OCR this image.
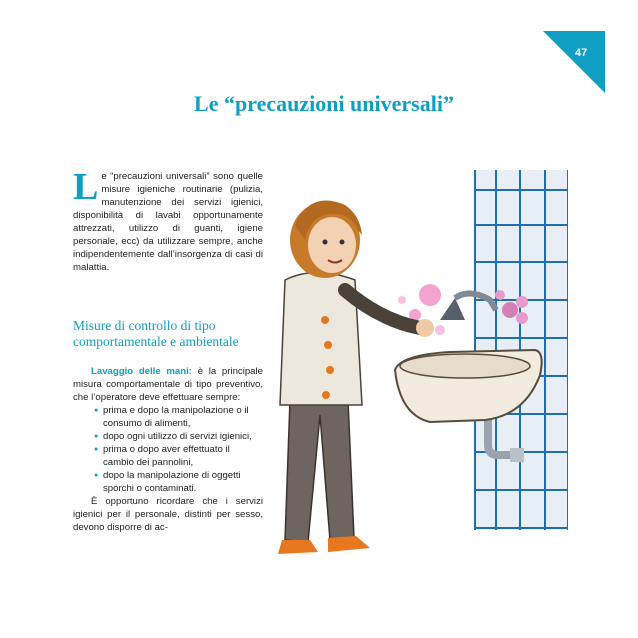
47
Le “precauzioni universali”
Le “precauzioni universali” sono quelle misure igieniche routinarie (pulizia, manutenzione dei servizi igienici, disponibilità di lavabi opportunamente attrezzati, utilizzo di guanti, igiene personale, ecc) da utilizzare sempre, anche indipendentemente dall’insorgenza di casi di malattia.
Misure di controllo di tipo comportamentale e ambientale

Lavaggio delle mani: è la principale misura comportamentale di tipo preventivo, che l’operatore deve effettuare sempre:

● prima e dopo la manipolazione o il consumo di alimenti,
● dopo ogni utilizzo di servizi igienici,
● prima o dopo aver effettuato il cambio dei pannolini,
● dopo la manipolazione di oggetti sporchi o contaminati.

È opportuno ricordare che i servizi igienici per il personale, distinti per sesso, devono disporre di ac-
